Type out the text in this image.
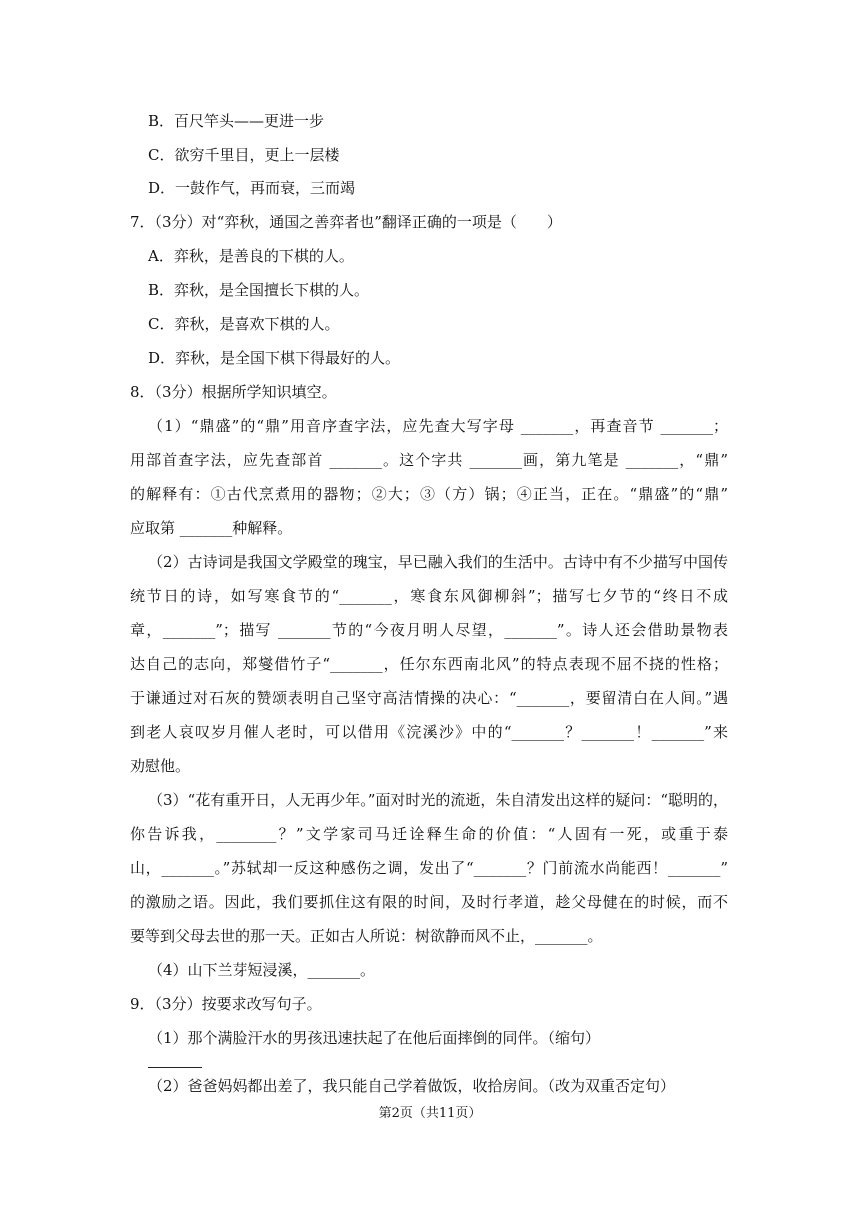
B．百尺竿头——更进一步
C．欲穷千里目，更上一层楼
D．一鼓作气，再而衰，三而竭
7．（3分）对“弈秋，通国之善弈者也”翻译正确的一项是（　　）
A．弈秋，是善良的下棋的人。
B．弈秋，是全国擅长下棋的人。
C．弈秋，是喜欢下棋的人。
D．弈秋，是全国下棋下得最好的人。
8．（3分）根据所学知识填空。
（1）“鼎盛”的“鼎”用音序查字法，应先查大写字母 _______，再查音节 _______；
用部首查字法，应先查部首 _______。这个字共 _______画，第九笔是 _______，“鼎”
的解释有：①古代烹煮用的器物；②大；③（方）锅；④正当，正在。“鼎盛”的“鼎”
应取第 _______种解释。
（2）古诗词是我国文学殿堂的瑰宝，早已融入我们的生活中。古诗中有不少描写中国传
统节日的诗，如写寒食节的“_______，寒食东风御柳斜”；描写七夕节的“终日不成
章，_______”；描写 _______节的“今夜月明人尽望，_______”。诗人还会借助景物表
达自己的志向，郑燮借竹子“_______，任尔东西南北风”的特点表现不屈不挠的性格；
于谦通过对石灰的赞颂表明自己坚守高洁情操的决心：“_______，要留清白在人间。”遇
到老人哀叹岁月催人老时，可以借用《浣溪沙》中的“_______？_______！_______”来
劝慰他。
（3）“花有重开日，人无再少年。”面对时光的流逝，朱自清发出这样的疑问：“聪明的，
你告诉我，________？”文学家司马迁诠释生命的价值：“人固有一死，或重于泰
山，_______。”苏轼却一反这种感伤之调，发出了“_______？门前流水尚能西！_______”
的激励之语。因此，我们要抓住这有限的时间，及时行孝道，趁父母健在的时候，而不
要等到父母去世的那一天。正如古人所说：树欲静而风不止，_______。
（4）山下兰芽短浸溪，_______。
9．（3分）按要求改写句子。
（1）那个满脸汗水的男孩迅速扶起了在他后面摔倒的同伴。（缩句）
（2）爸爸妈妈都出差了，我只能自己学着做饭，收拾房间。（改为双重否定句）
第2页（共11页）
